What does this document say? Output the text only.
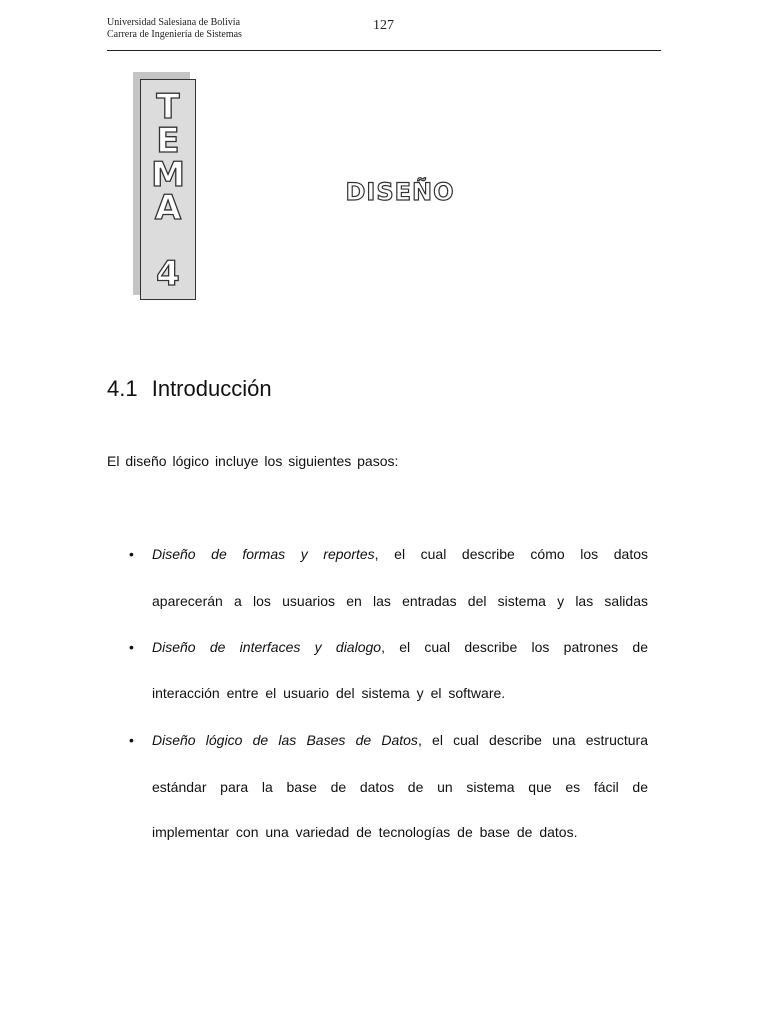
Universidad Salesiana de Bolivia
Carrera de Ingeniería de Sistemas
127
T
E
M
A
4
DISEÑO
4.1 Introducción
El diseño lógico incluye los siguientes pasos:
• Diseño de formas y reportes, el cual describe cómo los datos
aparecerán a los usuarios en las entradas del sistema y las salidas
• Diseño de interfaces y dialogo, el cual describe los patrones de
interacción entre el usuario del sistema y el software.
• Diseño lógico de las Bases de Datos, el cual describe una estructura
estándar para la base de datos de un sistema que es fácil de
implementar con una variedad de tecnologías de base de datos.
